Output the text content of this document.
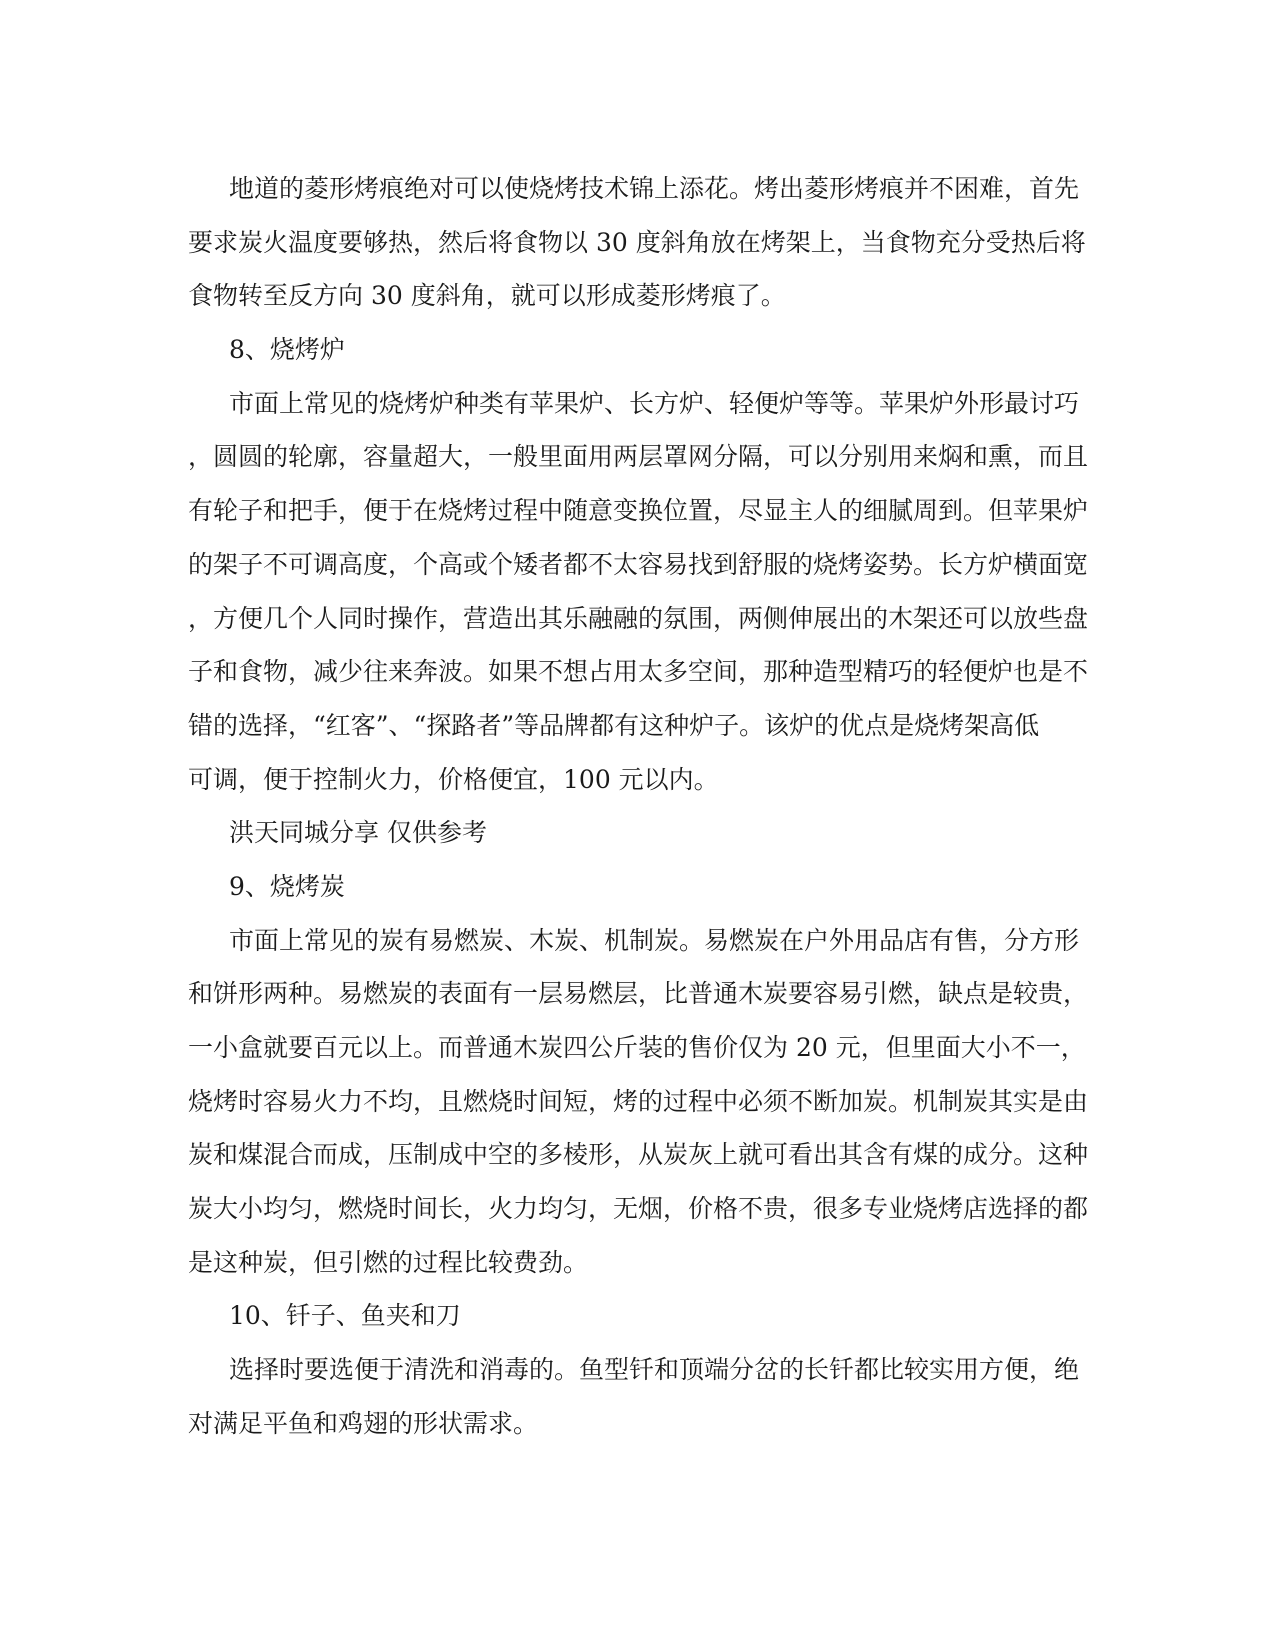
地道的菱形烤痕绝对可以使烧烤技术锦上添花。烤出菱形烤痕并不困难，首先
要求炭火温度要够热，然后将食物以 30 度斜角放在烤架上，当食物充分受热后将
食物转至反方向 30 度斜角，就可以形成菱形烤痕了。
8、烧烤炉
市面上常见的烧烤炉种类有苹果炉、长方炉、轻便炉等等。苹果炉外形最讨巧
，圆圆的轮廓，容量超大，一般里面用两层罩网分隔，可以分别用来焖和熏，而且
有轮子和把手，便于在烧烤过程中随意变换位置，尽显主人的细腻周到。但苹果炉
的架子不可调高度，个高或个矮者都不太容易找到舒服的烧烤姿势。长方炉横面宽
，方便几个人同时操作，营造出其乐融融的氛围，两侧伸展出的木架还可以放些盘
子和食物，减少往来奔波。如果不想占用太多空间，那种造型精巧的轻便炉也是不
错的选择，“红客”、“探路者”等品牌都有这种炉子。该炉的优点是烧烤架高低
可调，便于控制火力，价格便宜，100 元以内。
洪天同城分享 仅供参考
9、烧烤炭
市面上常见的炭有易燃炭、木炭、机制炭。易燃炭在户外用品店有售，分方形
和饼形两种。易燃炭的表面有一层易燃层，比普通木炭要容易引燃，缺点是较贵，
一小盒就要百元以上。而普通木炭四公斤装的售价仅为 20 元，但里面大小不一，
烧烤时容易火力不均，且燃烧时间短，烤的过程中必须不断加炭。机制炭其实是由
炭和煤混合而成，压制成中空的多棱形，从炭灰上就可看出其含有煤的成分。这种
炭大小均匀，燃烧时间长，火力均匀，无烟，价格不贵，很多专业烧烤店选择的都
是这种炭，但引燃的过程比较费劲。
10、钎子、鱼夹和刀
选择时要选便于清洗和消毒的。鱼型钎和顶端分岔的长钎都比较实用方便，绝
对满足平鱼和鸡翅的形状需求。
